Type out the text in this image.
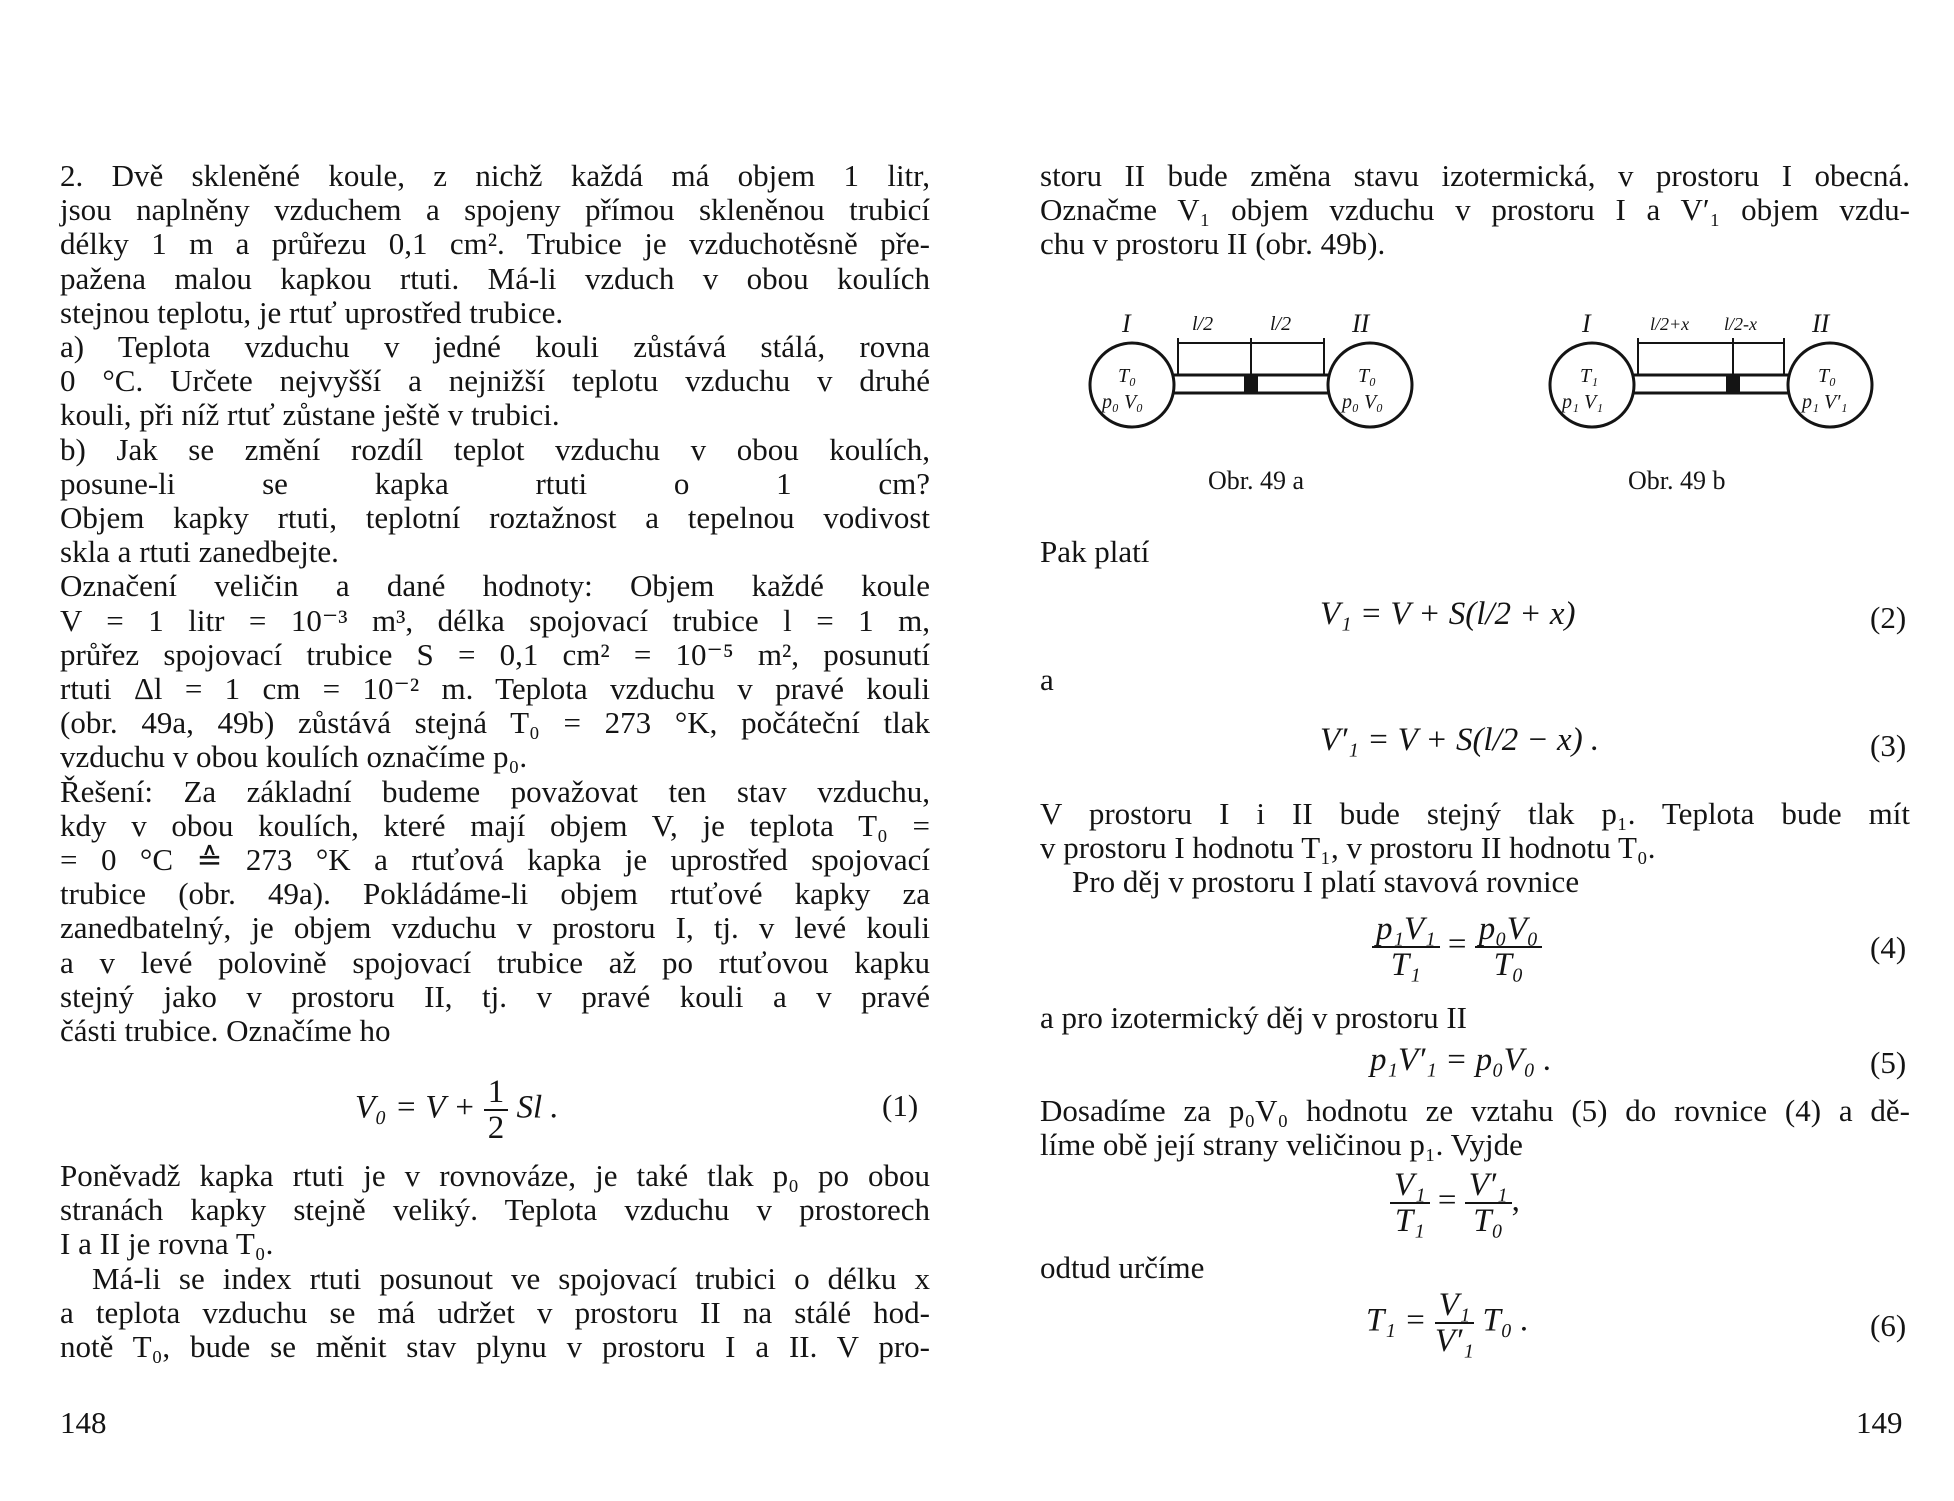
2. Dvě skleněné koule, z nichž každá má objem 1 litr,
jsou naplněny vzduchem a spojeny přímou skleněnou trubicí
délky 1 m a průřezu 0,1 cm². Trubice je vzduchotěsně pře-
pažena malou kapkou rtuti. Má-li vzduch v obou koulích
stejnou teplotu, je rtuť uprostřed trubice.
a) Teplota vzduchu v jedné kouli zůstává stálá, rovna
0 °C. Určete nejvyšší a nejnižší teplotu vzduchu v druhé
kouli, při níž rtuť zůstane ještě v trubici.
b) Jak se změní rozdíl teplot vzduchu v obou koulích,
posune-li se kapka rtuti o 1 cm?
Objem kapky rtuti, teplotní roztažnost a tepelnou vodivost
skla a rtuti zanedbejte.
Označení veličin a dané hodnoty: Objem každé koule
V = 1 litr = 10⁻³ m³, délka spojovací trubice l = 1 m,
průřez spojovací trubice S = 0,1 cm² = 10⁻⁵ m², posunutí
rtuti Δl = 1 cm = 10⁻² m. Teplota vzduchu v pravé kouli
(obr. 49a, 49b) zůstává stejná T₀ = 273 °K, počáteční tlak
vzduchu v obou koulích označíme p₀.
Řešení: Za základní budeme považovat ten stav vzduchu,
kdy v obou koulích, které mají objem V, je teplota T₀ =
= 0 °C ≙ 273 °K a rtuťová kapka je uprostřed spojovací
trubice (obr. 49a). Pokládáme-li objem rtuťové kapky za
zanedbatelný, je objem vzduchu v prostoru I, tj. v levé kouli
a v levé polovině spojovací trubice až po rtuťovou kapku
stejný jako v prostoru II, tj. v pravé kouli a v pravé
části trubice. Označíme ho
$V_0 = V + \frac{1}{2}$ Sl .	(1)
Poněvadž kapka rtuti je v rovnováze, je také tlak p₀ po obou
stranách kapky stejně veliký. Teplota vzduchu v prostorech
I a II je rovna T₀.
Má-li se index rtuti posunout ve spojovací trubici o délku x
a teplota vzduchu se má udržet v prostoru II na stálé hod-
notě T₀, bude se měnit stav plynu v prostoru I a II. V pro-
148
storu II bude změna stavu izotermická, v prostoru I obecná.
Označme V₁ objem vzduchu v prostoru I a V′₁ objem vzdu-
chu v prostoru II (obr. 49b).
I	II
l/2	l/2
T₀
p₀ V₀
T₀
p₀ V₀
Obr. 49 a
I	II
l/2+x l/2-x
T₁
p₁ V₁
T₀
p₁ V′₁
Obr. 49 b
Pak platí
V₁ = V + S(l/2 + x)	(2)
a
V′₁ = V + S(l/2 − x) .	(3)
V prostoru I i II bude stejný tlak p₁. Teplota bude mít
v prostoru I hodnotu T₁, v prostoru II hodnotu T₀.
Pro děj v prostoru I platí stavová rovnice
$\frac{\text{p₁V₁}}{\text{T₁}} = \frac{\text{p₀V₀}}{\text{T₀}}$	(4)
a pro izotermický děj v prostoru II
p₁V′₁ = p₀V₀ .	(5)
Dosadíme za p₀V₀ hodnotu ze vztahu (5) do rovnice (4) a dě-
líme obě její strany veličinou p₁. Vyjde
$\frac{\text{V₁}}{\text{T₁}} = \frac{\text{V′₁}}{\text{T₀}}$ ,
odtud určíme
$T_1 = \frac{\text{V₁}}{\text{V′₁}} T_0$ .	(6)
149
